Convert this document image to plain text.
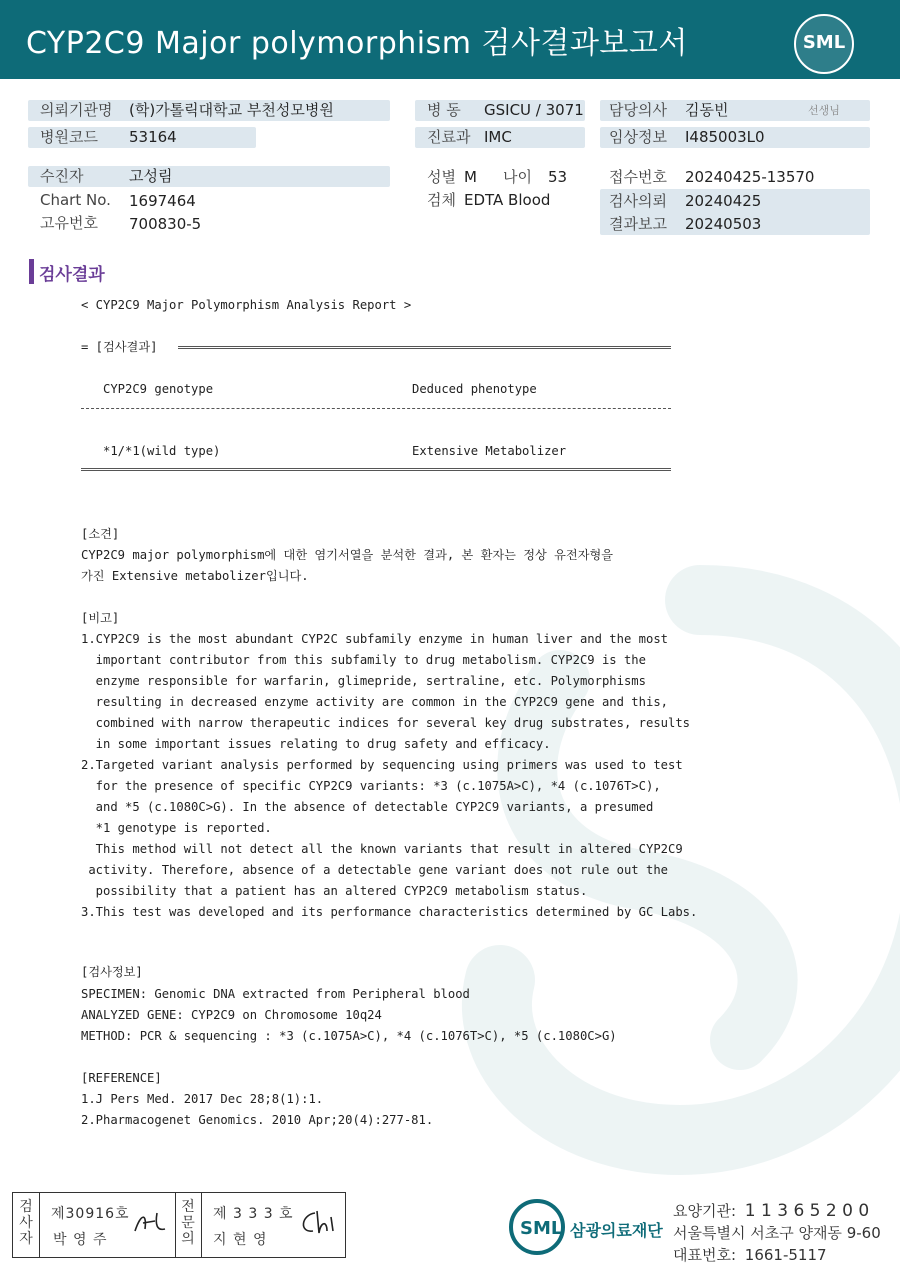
CYP2C9 Major polymorphism 검사결과보고서	SML
의뢰기관명 (학)가톨릭대학교 부천성모병원
병원코드 53164
병 동 GSICU / 3071
진료과 IMC
담당의사 김동빈	선생님
임상정보 I485003L0
수진자	고성림
Chart No. 1697464
고유번호 700830-5
성별 M 나이 53
검체 EDTA Blood
접수번호 20240425-13570
검사의뢰 20240425
결과보고 20240503
검사결과
< CYP2C9 Major Polymorphism Analysis Report >
= [검사결과]
CYP2C9 genotype	Deduced phenotype
*1/*1(wild type)	Extensive Metabolizer
[소견]
CYP2C9 major polymorphism에 대한 염기서열을 분석한 결과, 본 환자는 정상 유전자형을
가진 Extensive metabolizer입니다.
[비고]
1.CYP2C9 is the most abundant CYP2C subfamily enzyme in human liver and the most
important contributor from this subfamily to drug metabolism. CYP2C9 is the
enzyme responsible for warfarin, glimepride, sertraline, etc. Polymorphisms
resulting in decreased enzyme activity are common in the CYP2C9 gene and this,
combined with narrow therapeutic indices for several key drug substrates, results
in some important issues relating to drug safety and efficacy.
2.Targeted variant analysis performed by sequencing using primers was used to test
for the presence of specific CYP2C9 variants: *3 (c.1075A>C), *4 (c.1076T>C),
and *5 (c.1080C>G). In the absence of detectable CYP2C9 variants, a presumed
*1 genotype is reported.
This method will not detect all the known variants that result in altered CYP2C9
activity. Therefore, absence of a detectable gene variant does not rule out the
possibility that a patient has an altered CYP2C9 metabolism status.
3.This test was developed and its performance characteristics determined by GC Labs.
[검사정보]
SPECIMEN: Genomic DNA extracted from Peripheral blood
ANALYZED GENE: CYP2C9 on Chromosome 10q24
METHOD: PCR & sequencing : *3 (c.1075A>C), *4 (c.1076T>C), *5 (c.1080C>G)
[REFERENCE]
1.J Pers Med. 2017 Dec 28;8(1):1.
2.Pharmacogenet Genomics. 2010 Apr;20(4):277-81.
검
사
자
제30916호
박 영 주
전
문
의
제 3 3 3 호
지 현 영
SML 삼광의료재단
요양기관: 1 1 3 6 5 2 0 0
서울특별시 서초구 양재동 9-60
대표번호: 1661-5117
